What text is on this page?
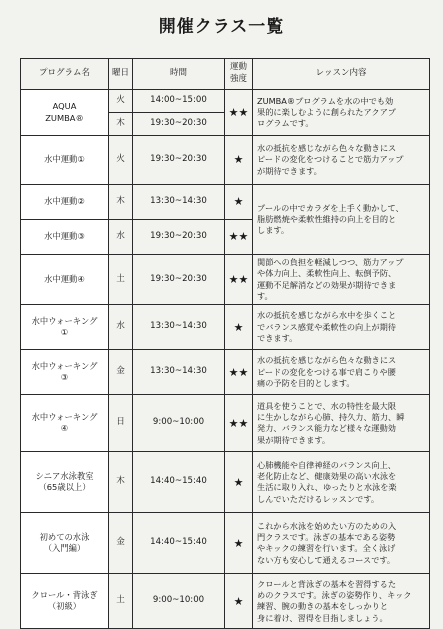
開催クラス一覧
プログラム名	曜日	時間	運動
強度	レッスン内容

AQUA
ZUMBA®	火	14:00~15:00	★★	ZUMBA®プログラムを水の中でも効
果的に楽しむように創られたアクアプ
ログラムです。

	木	19:30~20:30		

水中運動①	火	19:30~20:30	★	水の抵抗を感じながら色々な動きにス
ピードの変化をつけることで筋力アップ
が期待できます。

水中運動②	木	13:30~14:30	★	プールの中でカラダを上手く動かして、
脂肪燃焼や柔軟性維持の向上を目的と
します。

水中運動③	水	19:30~20:30	★★	

水中運動④	土	19:30~20:30	★★	関節への負担を軽減しつつ、筋力アップ
や体力向上、柔軟性向上、転倒予防、
運動不足解消などの効果が期待できま
す。

水中ウォーキング
①	水	13:30~14:30	★	水の抵抗を感じながら水中を歩くこと
でバランス感覚や柔軟性の向上が期待
できます。

水中ウォーキング
③	金	13:30~14:30	★★	水の抵抗を感じながら色々な動きにス
ピードの変化をつける事で肩こりや腰
痛の予防を目的とします。

水中ウォーキング
④	日	9:00~10:00	★★	道具を使うことで、水の特性を最大限
に生かしながら心肺、持久力、筋力、瞬
発力、バランス能力など様々な運動効
果が期待できます。

シニア水泳教室
（65歳以上）	木	14:40~15:40	★	心肺機能や自律神経のバランス向上、
老化防止など、健康効果の高い水泳を
生活に取り入れ、ゆったりと水泳を楽
しんでいただけるレッスンです。

初めての水泳
（入門編）	金	14:40~15:40	★	これから水泳を始めたい方のための入
門クラスです。泳ぎの基本である姿勢
やキックの練習を行います。全く泳げ
ない方も安心して通えるコースです。

クロール・背泳ぎ
（初級）	土	9:00~10:00	★	クロールと背泳ぎの基本を習得するた
めのクラスです。泳ぎの姿勢作り、キック
練習、腕の動きの基本をしっかりと
身に着け、習得を目指しましょう。
